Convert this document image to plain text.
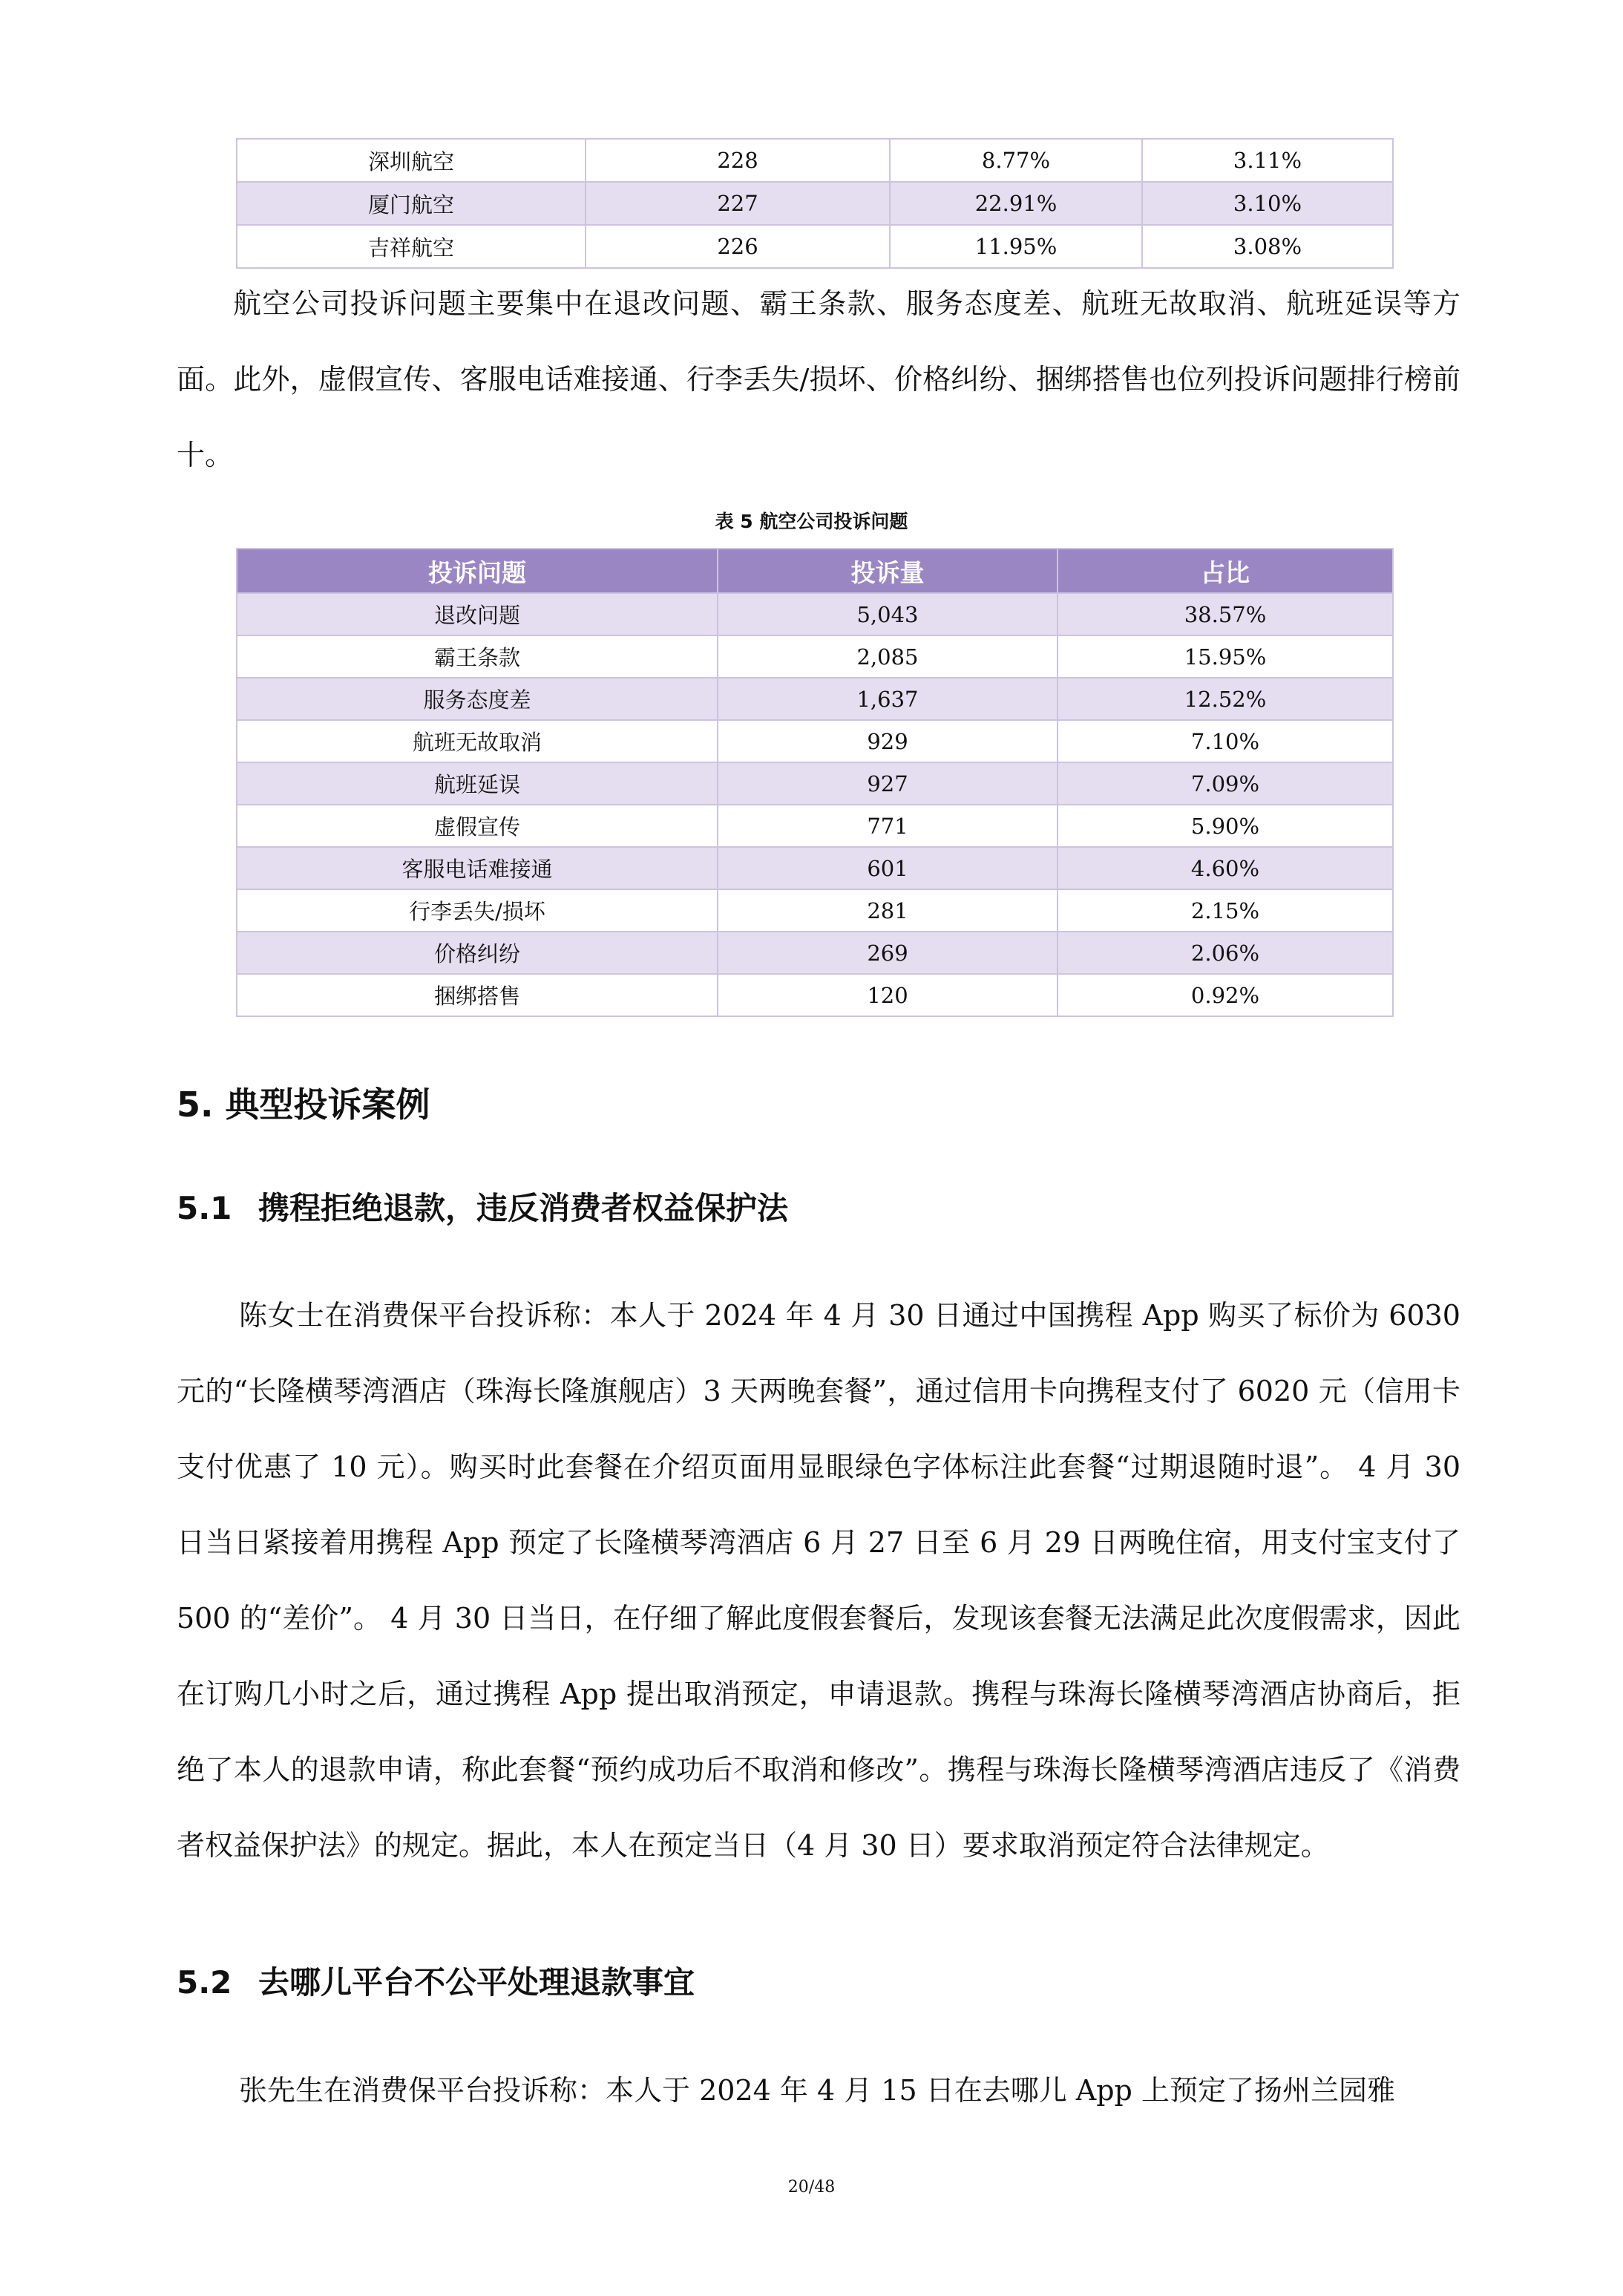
深圳航空	228	8.77%	3.11%
厦门航空	227	22.91%	3.10%
吉祥航空	226	11.95%	3.08%

航空公司投诉问题主要集中在退改问题、霸王条款、服务态度差、航班无故取消、航班延误等方面。此外，虚假宣传、客服电话难接通、行李丢失/损坏、价格纠纷、捆绑搭售也位列投诉问题排行榜前十。

表 5 航空公司投诉问题
投诉问题	投诉量	占比
退改问题	5,043	38.57%
霸王条款	2,085	15.95%
服务态度差	1,637	12.52%
航班无故取消	929	7.10%
航班延误	927	7.09%
虚假宣传	771	5.90%
客服电话难接通	601	4.60%
行李丢失/损坏	281	2.15%
价格纠纷	269	2.06%
捆绑搭售	120	0.92%
5. 典型投诉案例
5.1 携程拒绝退款，违反消费者权益保护法

陈女士在消费保平台投诉称：本人于 2024 年 4 月 30 日通过中国携程 App 购买了标价为 6030 元的“长隆横琴湾酒店（珠海长隆旗舰店）3 天两晚套餐”，通过信用卡向携程支付了 6020 元（信用卡支付优惠了 10 元）。购买时此套餐在介绍页面用显眼绿色字体标注此套餐“过期退随时退”。 4 月 30 日当日紧接着用携程 App 预定了长隆横琴湾酒店 6 月 27 日至 6 月 29 日两晚住宿，用支付宝支付了 500 的“差价”。 4 月 30 日当日，在仔细了解此度假套餐后，发现该套餐无法满足此次度假需求，因此在订购几小时之后，通过携程 App 提出取消预定，申请退款。携程与珠海长隆横琴湾酒店协商后，拒绝了本人的退款申请，称此套餐“预约成功后不取消和修改”。携程与珠海长隆横琴湾酒店违反了《消费者权益保护法》的规定。据此，本人在预定当日（4 月 30 日）要求取消预定符合法律规定。

5.2 去哪儿平台不公平处理退款事宜

张先生在消费保平台投诉称：本人于 2024 年 4 月 15 日在去哪儿 App 上预定了扬州兰园雅

20/48
